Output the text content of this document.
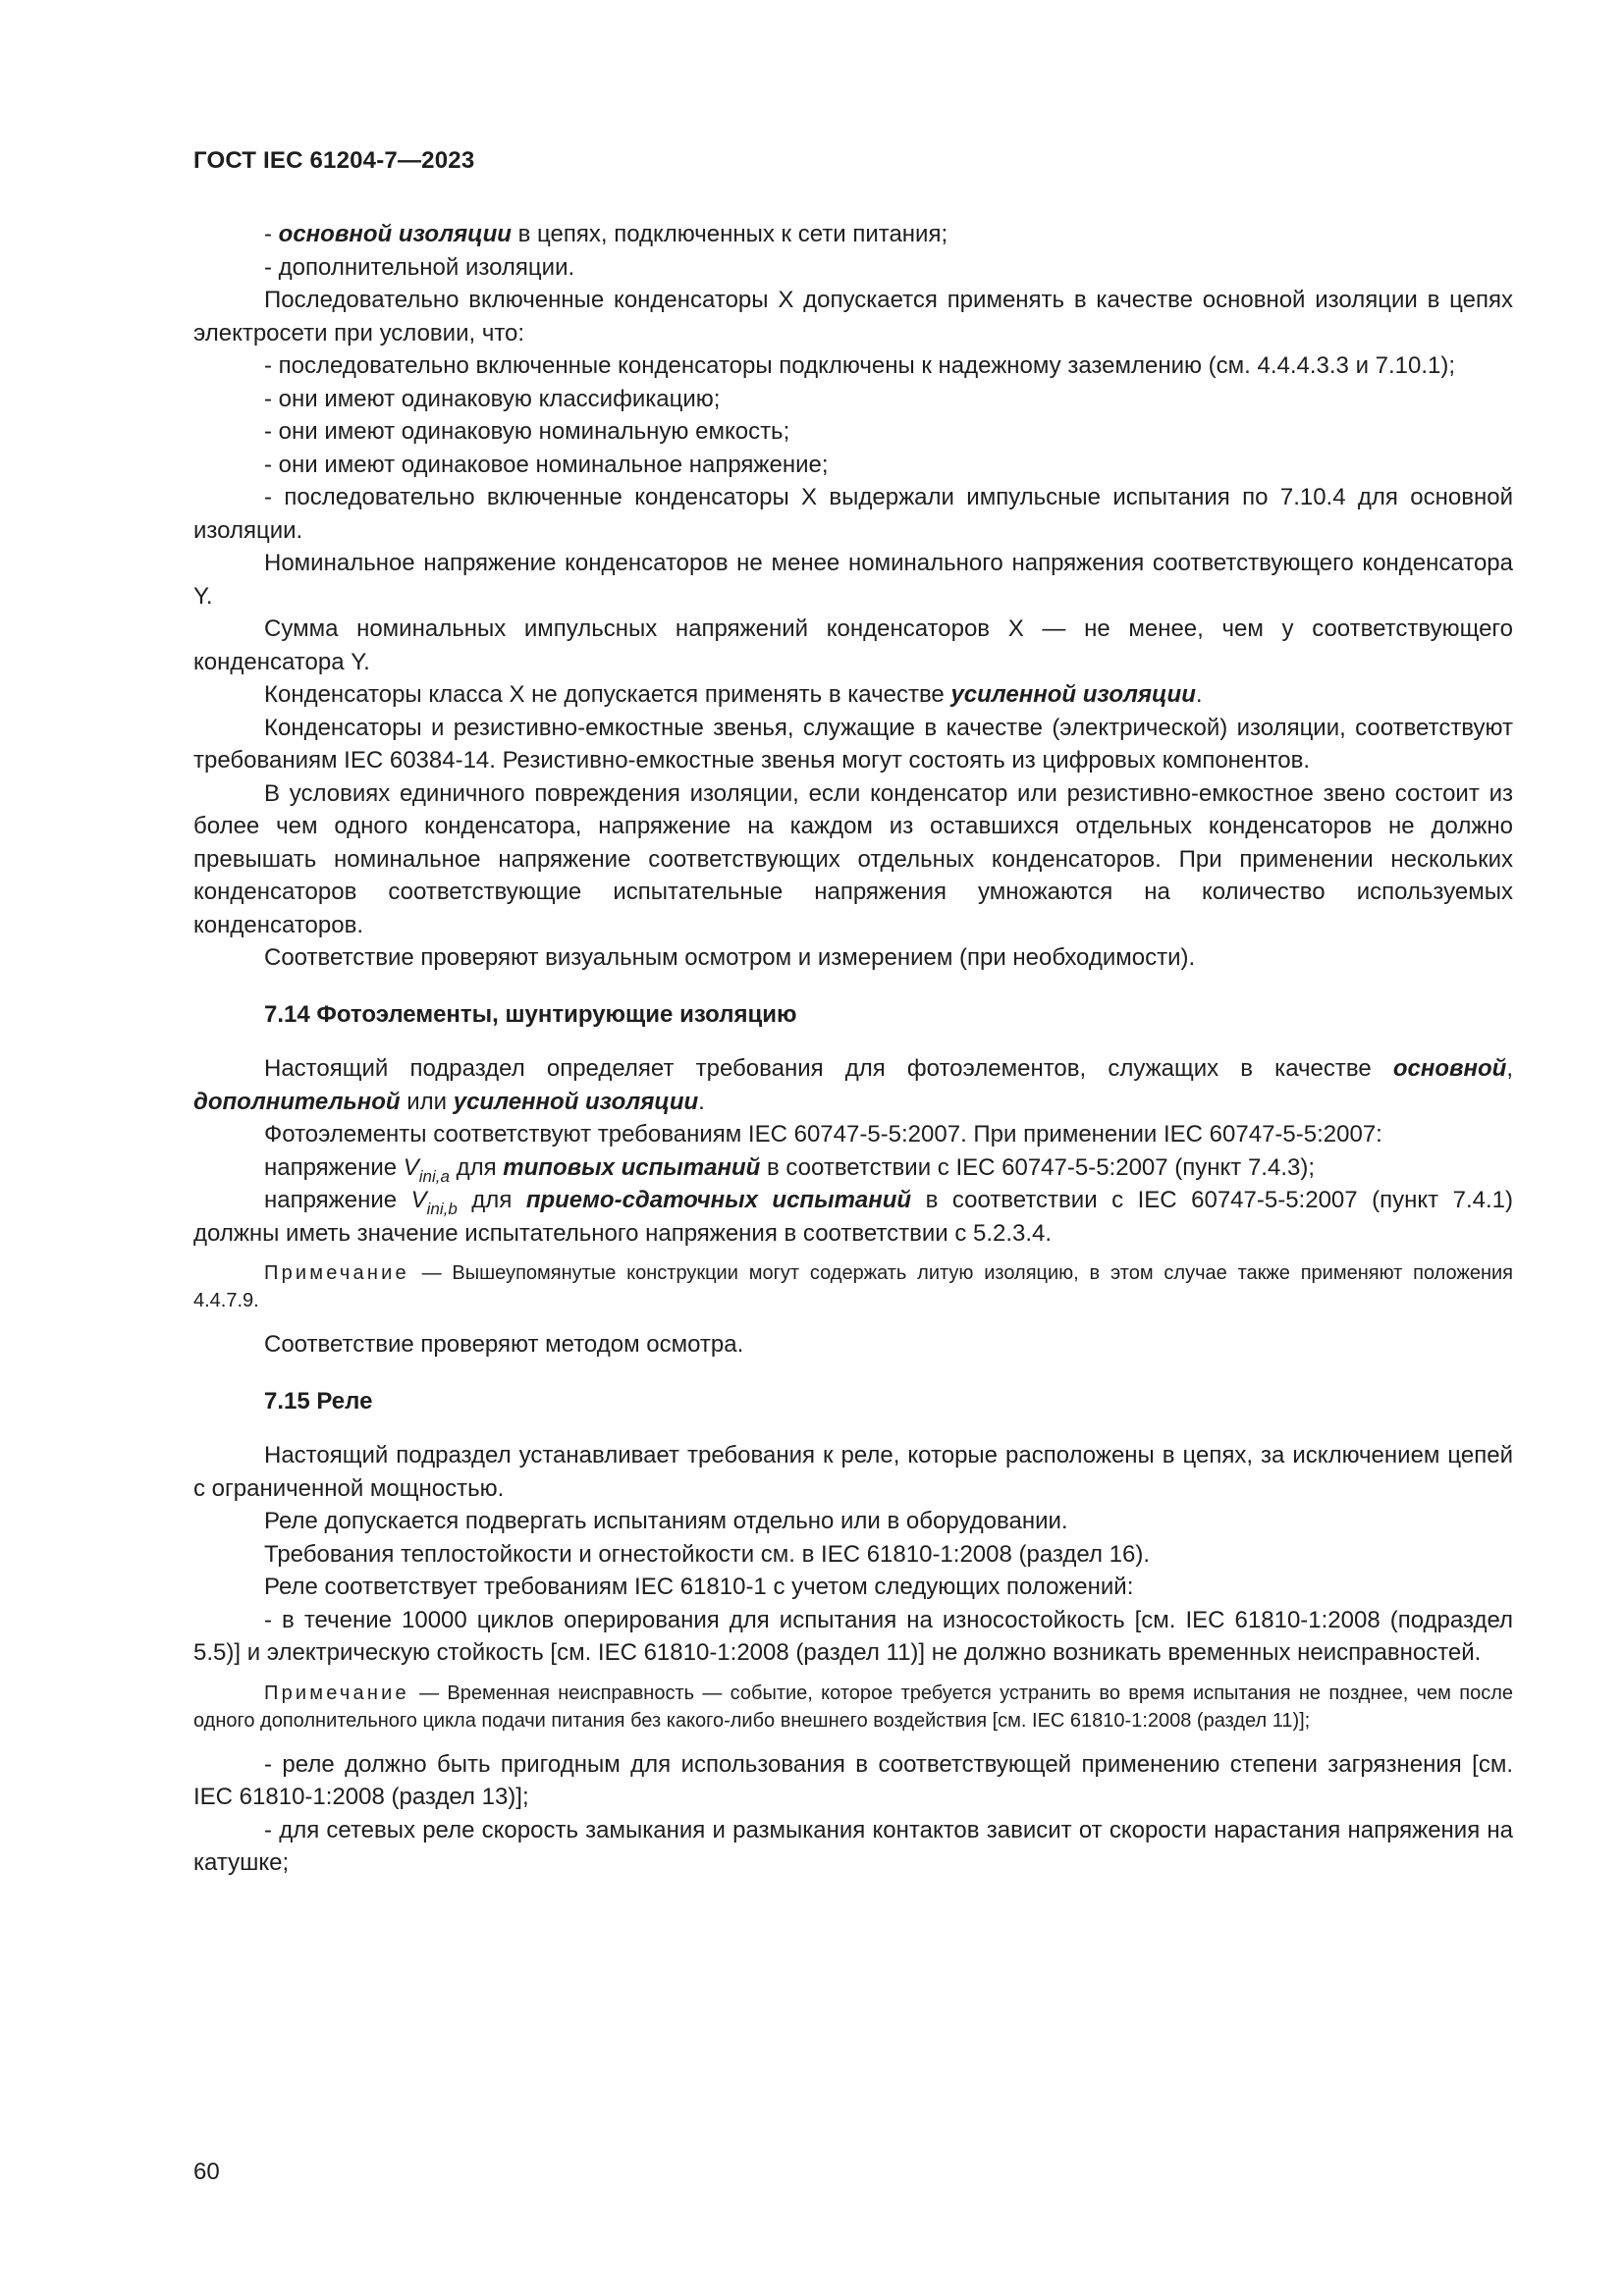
ГОСТ IEC 61204-7—2023

- основной изоляции в цепях, подключенных к сети питания;

- дополнительной изоляции.

Последовательно включенные конденсаторы X допускается применять в качестве основной изоляции в цепях электросети при условии, что:

- последовательно включенные конденсаторы подключены к надежному заземлению (см. 4.4.4.3.3 и 7.10.1);

- они имеют одинаковую классификацию;

- они имеют одинаковую номинальную емкость;

- они имеют одинаковое номинальное напряжение;

- последовательно включенные конденсаторы X выдержали импульсные испытания по 7.10.4 для основной изоляции.

Номинальное напряжение конденсаторов не менее номинального напряжения соответствующего конденсатора Y.

Сумма номинальных импульсных напряжений конденсаторов X — не менее, чем у соответствующего конденсатора Y.

Конденсаторы класса X не допускается применять в качестве усиленной изоляции.

Конденсаторы и резистивно-емкостные звенья, служащие в качестве (электрической) изоляции, соответствуют требованиям IEC 60384-14. Резистивно-емкостные звенья могут состоять из цифровых компонентов.

В условиях единичного повреждения изоляции, если конденсатор или резистивно-емкостное звено состоит из более чем одного конденсатора, напряжение на каждом из оставшихся отдельных конденсаторов не должно превышать номинальное напряжение соответствующих отдельных конденсаторов. При применении нескольких конденсаторов соответствующие испытательные напряжения умножаются на количество используемых конденсаторов.

Соответствие проверяют визуальным осмотром и измерением (при необходимости).

7.14 Фотоэлементы, шунтирующие изоляцию

Настоящий подраздел определяет требования для фотоэлементов, служащих в качестве основной, дополнительной или усиленной изоляции.

Фотоэлементы соответствуют требованиям IEC 60747-5-5:2007. При применении IEC 60747-5-5:2007:

напряжение $V_{ini,a}$ для типовых испытаний в соответствии с IEC 60747-5-5:2007 (пункт 7.4.3);

напряжение $V_{ini,b}$ для приемо-сдаточных испытаний в соответствии с IEC 60747-5-5:2007 (пункт 7.4.1) должны иметь значение испытательного напряжения в соответствии с 5.2.3.4.

Примечание — Вышеупомянутые конструкции могут содержать литую изоляцию, в этом случае также применяют положения 4.4.7.9.

Соответствие проверяют методом осмотра.

7.15 Реле

Настоящий подраздел устанавливает требования к реле, которые расположены в цепях, за исключением цепей с ограниченной мощностью.

Реле допускается подвергать испытаниям отдельно или в оборудовании.

Требования теплостойкости и огнестойкости см. в IEC 61810-1:2008 (раздел 16).

Реле соответствует требованиям IEC 61810-1 с учетом следующих положений:

- в течение 10000 циклов оперирования для испытания на износостойкость [см. IEC 61810-1:2008 (подраздел 5.5)] и электрическую стойкость [см. IEC 61810-1:2008 (раздел 11)] не должно возникать временных неисправностей.

Примечание — Временная неисправность — событие, которое требуется устранить во время испытания не позднее, чем после одного дополнительного цикла подачи питания без какого-либо внешнего воздействия [см. IEC 61810-1:2008 (раздел 11)];

- реле должно быть пригодным для использования в соответствующей применению степени загрязнения [см. IEC 61810-1:2008 (раздел 13)];

- для сетевых реле скорость замыкания и размыкания контактов зависит от скорости нарастания напряжения на катушке;

60
